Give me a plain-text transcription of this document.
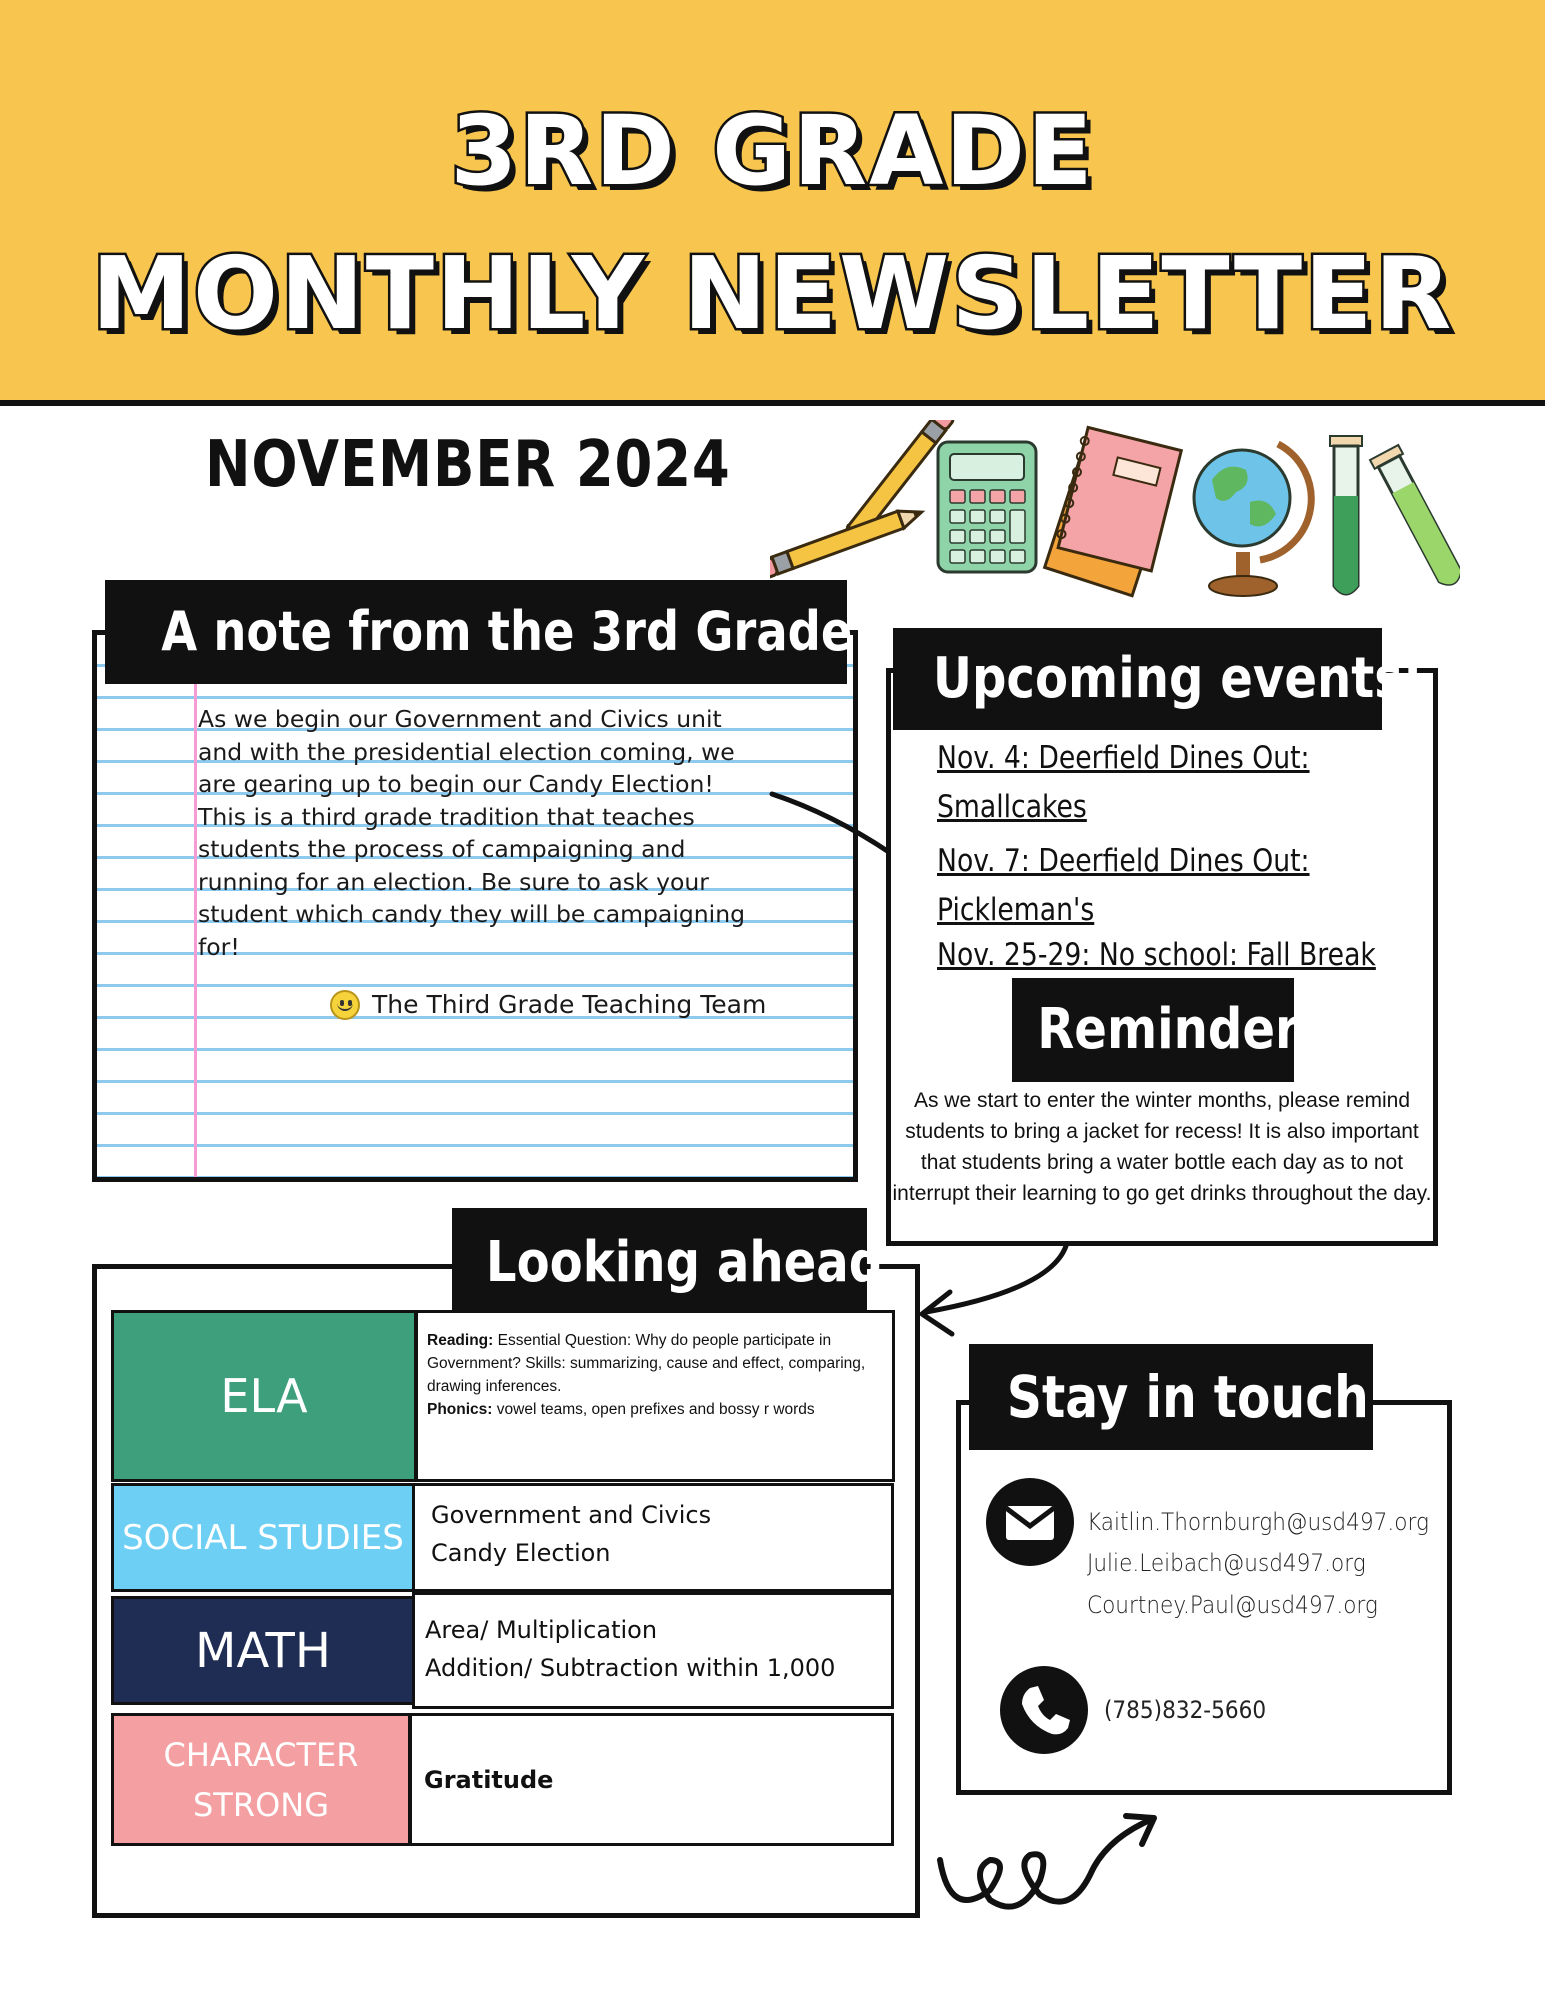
3RD GRADE
MONTHLY NEWSLETTER
NOVEMBER 2024
A note from the 3rd Grade
As we begin our Government and Civics unit and with the presidential election coming, we are gearing up to begin our Candy Election! This is a third grade tradition that teaches students the process of campaigning and running for an election. Be sure to ask your student which candy they will be campaigning for!
The Third Grade Teaching Team
Upcoming events:
Nov. 4: Deerfield Dines Out:
Smallcakes
Nov. 7: Deerfield Dines Out:
Pickleman's
Nov. 25-29: No school: Fall Break
Reminders:
As we start to enter the winter months, please remind students to bring a jacket for recess! It is also important that students bring a water bottle each day as to not interrupt their learning to go get drinks throughout the day.
Looking ahead:
ELA
Reading: Essential Question: Why do people participate in Government? Skills: summarizing, cause and effect, comparing, drawing inferences.
Phonics: vowel teams, open prefixes and bossy r words
SOCIAL STUDIES
Government and Civics
Candy Election
MATH	Area/ Multiplication
Addition/ Subtraction within 1,000
CHARACTER
STRONG
Gratitude
Stay in touch :
Kaitlin.Thornburgh@usd497.org
Julie.Leibach@usd497.org
Courtney.Paul@usd497.org
(785)832-5660
